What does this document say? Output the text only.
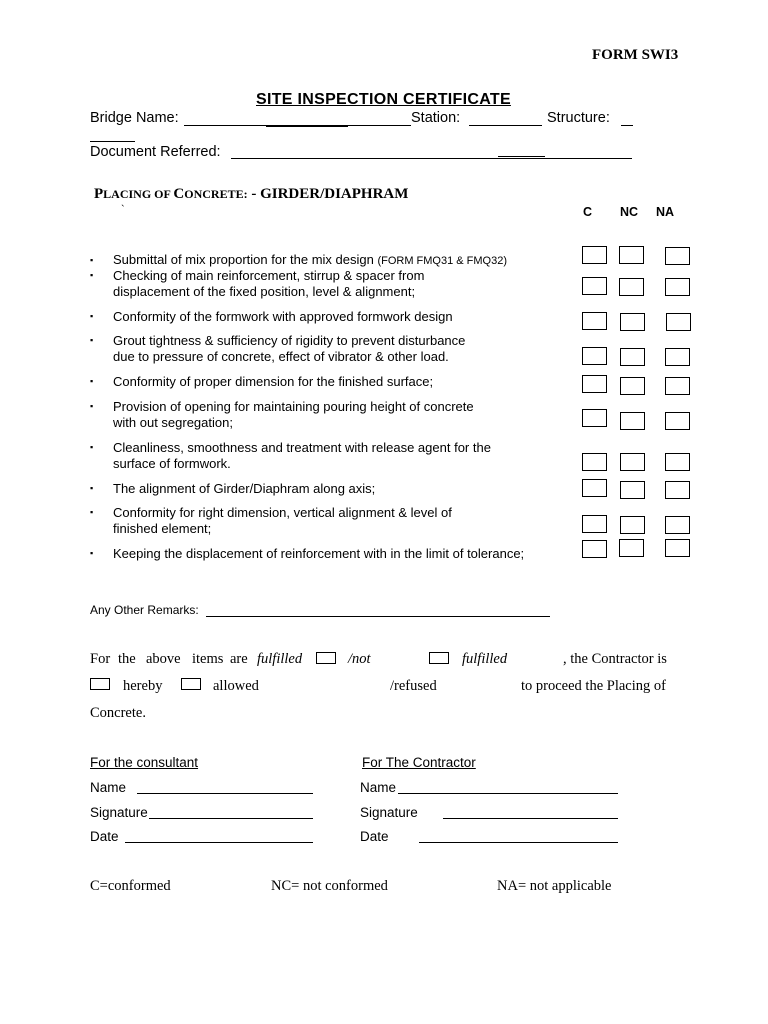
FORM SWI3
SITE INSPECTION CERTIFICATE
Bridge Name:	Station:	Structure:
Document Referred:
PLACING OF CONCRETE: - GIRDER/DIAPHRAM
`	C NC NA
▪ Submittal of mix proportion for the mix design (FORM FMQ31 & FMQ32)
▪ Checking of main reinforcement, stirrup & spacer from
displacement of the fixed position, level & alignment;
▪ Conformity of the formwork with approved formwork design
▪ Grout tightness & sufficiency of rigidity to prevent disturbance
due to pressure of concrete, effect of vibrator & other load.
▪ Conformity of proper dimension for the finished surface;
▪ Provision of opening for maintaining pouring height of concrete
with out segregation;
▪ Cleanliness, smoothness and treatment with release agent for the
surface of formwork.
▪ The alignment of Girder/Diaphram along axis;
▪ Conformity for right dimension, vertical alignment & level of
finished element;
▪ Keeping the displacement of reinforcement with in the limit of tolerance;
Any Other Remarks:
For the above items are fulfilled	/not	fulfilled	, the Contractor is
hereby	allowed	/refused	to proceed the Placing of
Concrete.
For the consultant
Name
Signature
Date
For The Contractor
Name
Signature
Date
C=conformed	NC= not conformed	NA= not applicable
